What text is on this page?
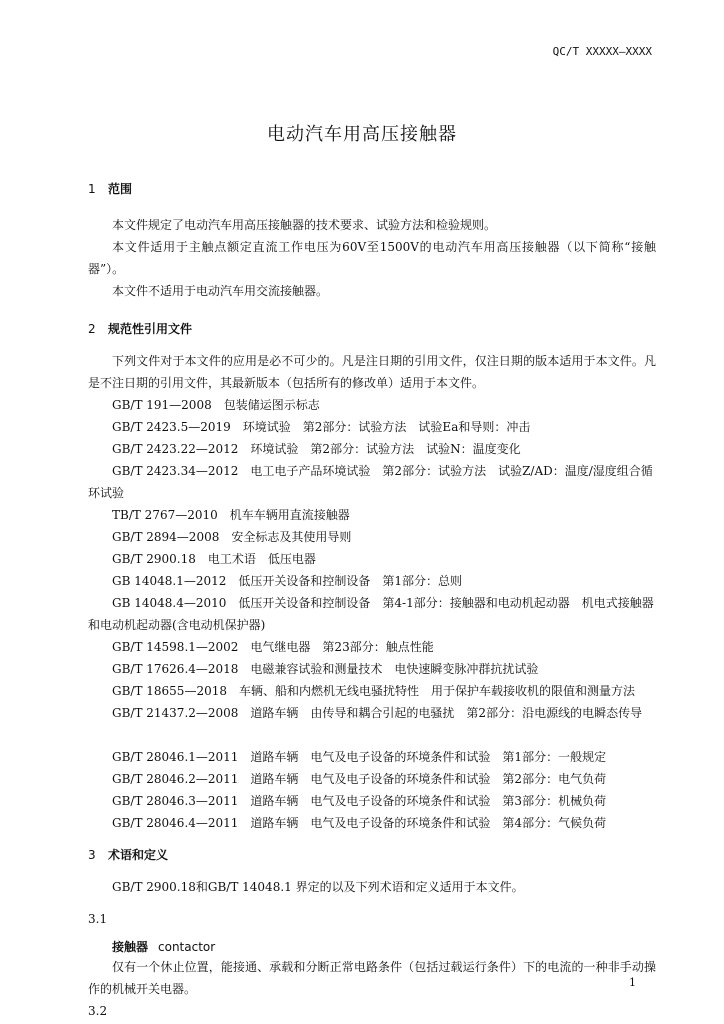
QC/T XXXXX—XXXX
电动汽车用高压接触器
1 范围
本文件规定了电动汽车用高压接触器的技术要求、试验方法和检验规则。
本文件适用于主触点额定直流工作电压为60V至1500V的电动汽车用高压接触器（以下简称“接触器”）。
本文件不适用于电动汽车用交流接触器。
2 规范性引用文件
下列文件对于本文件的应用是必不可少的。凡是注日期的引用文件，仅注日期的版本适用于本文件。凡是不注日期的引用文件，其最新版本（包括所有的修改单）适用于本文件。
GB/T 191—2008　包装储运图示标志
GB/T 2423.5—2019　环境试验　第2部分：试验方法　试验Ea和导则：冲击
GB/T 2423.22—2012　环境试验　第2部分：试验方法　试验N：温度变化
GB/T 2423.34—2012　电工电子产品环境试验　第2部分：试验方法　试验Z/AD：温度/湿度组合循环试验
TB/T 2767—2010　机车车辆用直流接触器
GB/T 2894—2008　安全标志及其使用导则
GB/T 2900.18　电工术语　低压电器
GB 14048.1—2012　低压开关设备和控制设备　第1部分：总则
GB 14048.4—2010　低压开关设备和控制设备　第4-1部分：接触器和电动机起动器　机电式接触器和电动机起动器(含电动机保护器)
GB/T 14598.1—2002　电气继电器　第23部分：触点性能
GB/T 17626.4—2018　电磁兼容试验和测量技术　电快速瞬变脉冲群抗扰试验
GB/T 18655—2018　车辆、船和内燃机无线电骚扰特性　用于保护车载接收机的限值和测量方法
GB/T 21437.2—2008　道路车辆　由传导和耦合引起的电骚扰　第2部分：沿电源线的电瞬态传导
GB/T 28046.1—2011　道路车辆　电气及电子设备的环境条件和试验　第1部分：一般规定
GB/T 28046.2—2011　道路车辆　电气及电子设备的环境条件和试验　第2部分：电气负荷
GB/T 28046.3—2011　道路车辆　电气及电子设备的环境条件和试验　第3部分：机械负荷
GB/T 28046.4—2011　道路车辆　电气及电子设备的环境条件和试验　第4部分：气候负荷
3 术语和定义
GB/T 2900.18和GB/T 14048.1 界定的以及下列术语和定义适用于本文件。
3.1
接触器 contactor
仅有一个休止位置，能接通、承载和分断正常电路条件（包括过载运行条件）下的电流的一种非手动操作的机械开关电器。
3.2
1
